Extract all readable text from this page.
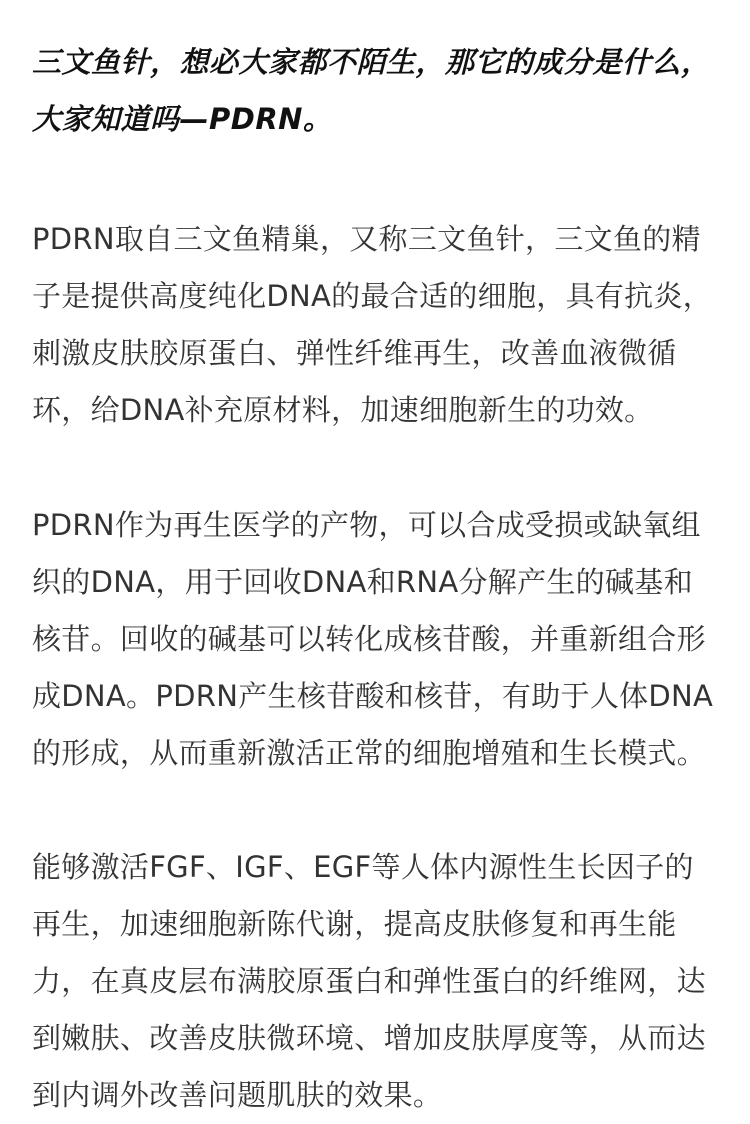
三文鱼针，想必大家都不陌生，那它的成分是什么，大家知道吗—PDRN。

PDRN取自三文鱼精巢，又称三文鱼针，三文鱼的精子是提供高度纯化DNA的最合适的细胞，具有抗炎，刺激皮肤胶原蛋白、弹性纤维再生，改善血液微循环，给DNA补充原材料，加速细胞新生的功效。

PDRN作为再生医学的产物，可以合成受损或缺氧组织的DNA，用于回收DNA和RNA分解产生的碱基和核苷。回收的碱基可以转化成核苷酸，并重新组合形成DNA。PDRN产生核苷酸和核苷，有助于人体DNA的形成，从而重新激活正常的细胞增殖和生长模式。

能够激活FGF、IGF、EGF等人体内源性生长因子的再生，加速细胞新陈代谢，提高皮肤修复和再生能力，在真皮层布满胶原蛋白和弹性蛋白的纤维网，达到嫩肤、改善皮肤微环境、增加皮肤厚度等，从而达到内调外改善问题肌肤的效果。
